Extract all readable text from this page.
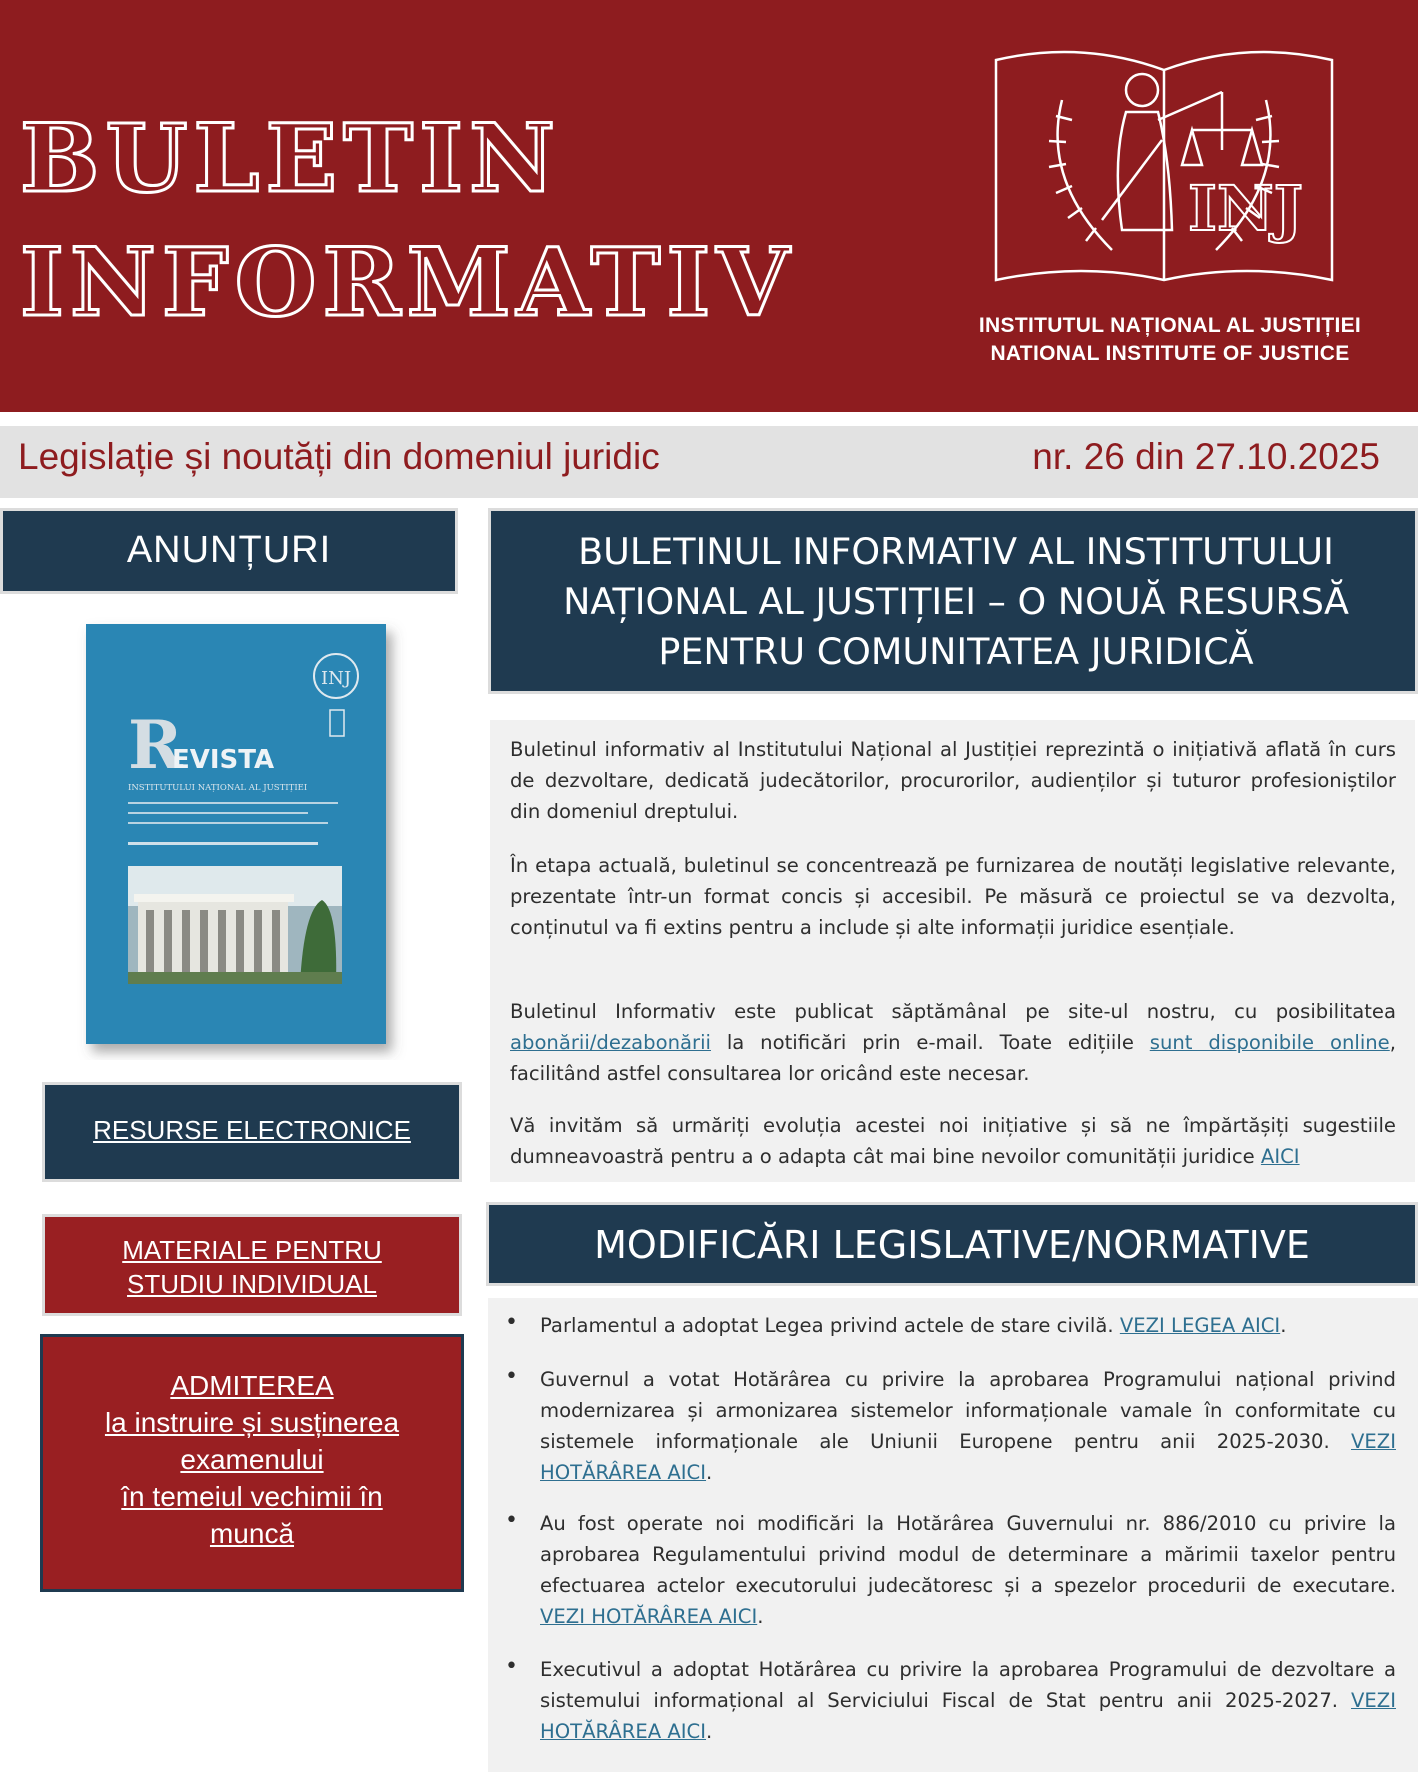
BULETIN
INFORMATIV
INJ
INSTITUTUL NAȚIONAL AL JUSTIȚIEI
NATIONAL INSTITUTE OF JUSTICE
Legislație și noutăți din domeniul juridic	nr. 26 din 27.10.2025
ANUNȚURI
INJ
R
EVISTA
INSTITUTULUI NAȚIONAL AL JUSTIȚIEI
RESURSE ELECTRONICE
MATERIALE PENTRU
STUDIU INDIVIDUAL
ADMITEREA
la instruire și susținerea
examenului
în temeiul vechimii în
muncă
BULETINUL INFORMATIV AL INSTITUTULUI
NAȚIONAL AL JUSTIȚIEI – O NOUĂ RESURSĂ
PENTRU COMUNITATEA JURIDICĂ

Buletinul informativ al Institutului Național al Justiției reprezintă o inițiativă aflată în curs de dezvoltare, dedicată judecătorilor, procurorilor, audienților și tuturor profesioniștilor din domeniul dreptului.

În etapa actuală, buletinul se concentrează pe furnizarea de noutăți legislative relevante, prezentate într-un format concis și accesibil. Pe măsură ce proiectul se va dezvolta, conținutul va fi extins pentru a include și alte informații juridice esențiale.

Buletinul Informativ este publicat săptămânal pe site-ul nostru, cu posibilitatea abonării/dezabonării la notificări prin e-mail. Toate edițiile sunt disponibile online, facilitând astfel consultarea lor oricând este necesar.

Vă invităm să urmăriți evoluția acestei noi inițiative și să ne împărtășiți sugestiile dumneavoastră pentru a o adapta cât mai bine nevoilor comunității juridice AICI

MODIFICĂRI LEGISLATIVE/NORMATIVE
• Parlamentul a adoptat Legea privind actele de stare civilă. VEZI LEGEA AICI.

• Guvernul a votat Hotărârea cu privire la aprobarea Programului național privind modernizarea și armonizarea sistemelor informaționale vamale în conformitate cu sistemele informaționale ale Uniunii Europene pentru anii 2025-2030. VEZI HOTĂRÂREA AICI.

• Au fost operate noi modificări la Hotărârea Guvernului nr. 886/2010 cu privire la aprobarea Regulamentului privind modul de determinare a mărimii taxelor pentru efectuarea actelor executorului judecătoresc și a spezelor procedurii de executare. VEZI HOTĂRÂREA AICI.

• Executivul a adoptat Hotărârea cu privire la aprobarea Programului de dezvoltare a sistemului informațional al Serviciului Fiscal de Stat pentru anii 2025-2027. VEZI HOTĂRÂREA AICI.
